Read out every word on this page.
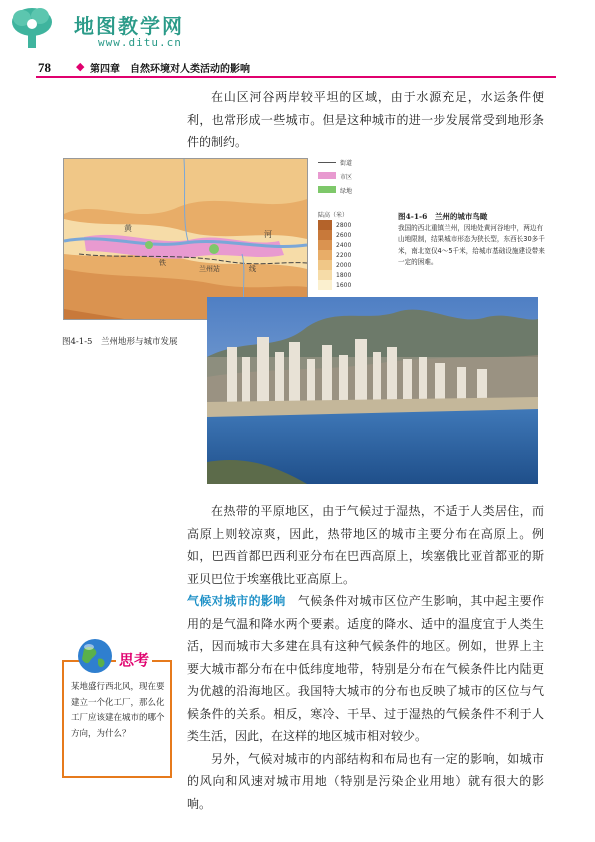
地图教学网
www.ditu.cn
78 ◆ 第四章　自然环境对人类活动的影响

在山区河谷两岸较平坦的区域，由于水源充足，水运条件便利，也常形成一些城市。但是这种城市的进一步发展常受到地形条件的制约。

黄
河
兰州站
铁
线
街道
市区
绿地
陆高（米）
2800
2600
2400
2200
2000
1800
1600
图4-1-6　兰州的城市鸟瞰
我国的西北重镇兰州，因地处黄河谷地中，两边有山地限制，结果城市形态为狭长型，东西长30多千米，南北宽仅4～5千米，给城市基础设施建设带来一定的困难。
图4-1-5　兰州地形与城市发展

在热带的平原地区，由于气候过于湿热，不适于人类居住，而高原上则较凉爽，因此，热带地区的城市主要分布在高原上。例如，巴西首都巴西利亚分布在巴西高原上，埃塞俄比亚首都亚的斯亚贝巴位于埃塞俄比亚高原上。

气候对城市的影响　 气候条件对城市区位产生影响，其中起主要作用的是气温和降水两个要素。适度的降水、适中的温度宜于人类生活，因而城市大多建在具有这种气候条件的地区。例如，世界上主要大城市都分布在中低纬度地带，特别是分布在气候条件比内陆更为优越的沿海地区。我国特大城市的分布也反映了城市的区位与气候条件的关系。相反，寒冷、干旱、过于湿热的气候条件不利于人类生活，因此，在这样的地区城市相对较少。

另外，气候对城市的内部结构和布局也有一定的影响，如城市的风向和风速对城市用地（特别是污染企业用地）就有很大的影响。

思考
某地盛行西北风，现在要建立一个化工厂，那么化工厂应该建在城市的哪个方向，为什么？
